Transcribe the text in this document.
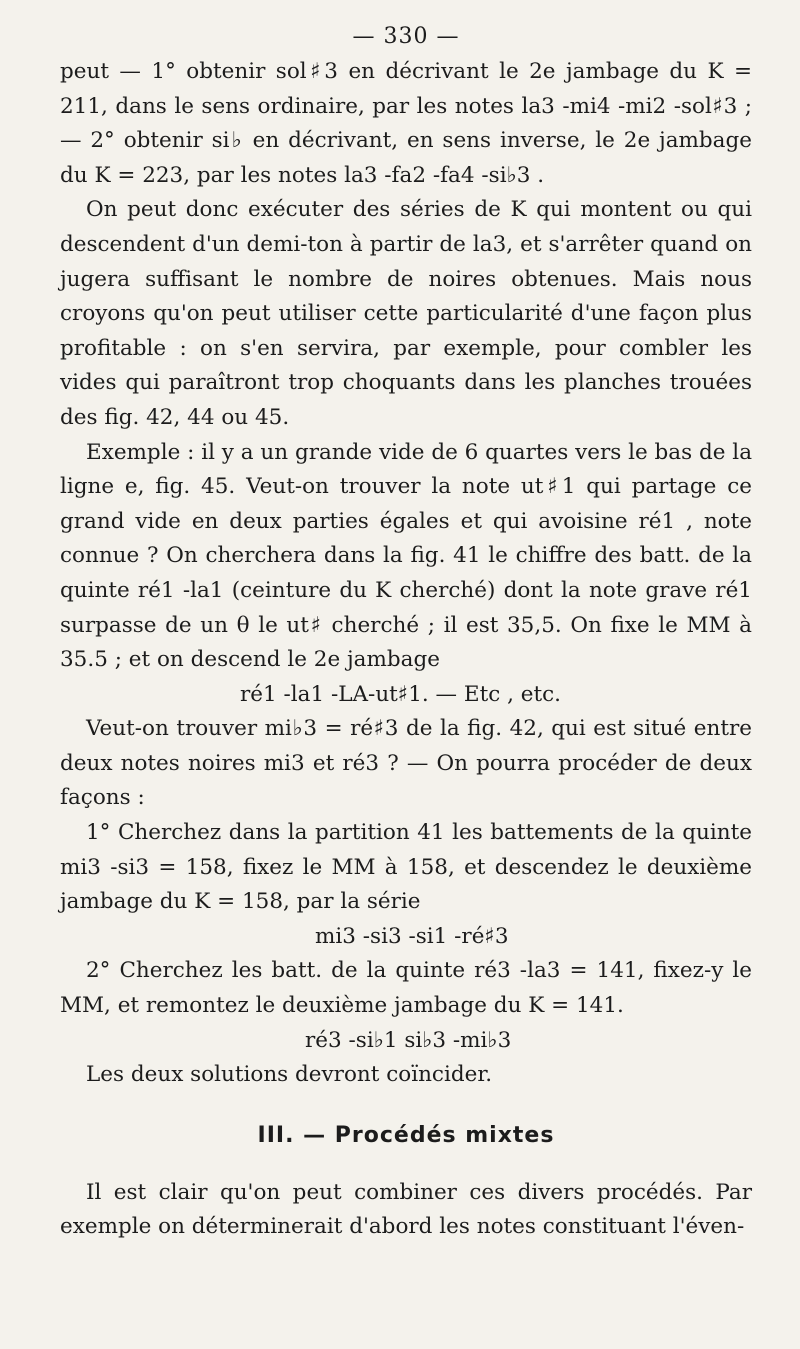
— 330 —

peut — 1° obtenir sol♯3 en décrivant le 2e jambage du K = 211, dans le sens ordinaire, par les notes la3 -mi4 -mi2 -sol♯3 ; — 2° obtenir si♭ en décrivant, en sens inverse, le 2e jambage du K = 223, par les notes la3 -fa2 -fa4 -si♭3 .

On peut donc exécuter des séries de K qui montent ou qui descendent d'un demi-ton à partir de la3, et s'arrêter quand on jugera suffisant le nombre de noires obtenues. Mais nous croyons qu'on peut utiliser cette particularité d'une façon plus profitable : on s'en servira, par exemple, pour combler les vides qui paraîtront trop choquants dans les planches trouées des fig. 42, 44 ou 45.

Exemple : il y a un grande vide de 6 quartes vers le bas de la ligne e, fig. 45. Veut-on trouver la note ut♯1 qui partage ce grand vide en deux parties égales et qui avoisine ré1 , note connue ? On cherchera dans la fig. 41 le chiffre des batt. de la quinte ré1 -la1 (ceinture du K cherché) dont la note grave ré1 surpasse de un θ le ut♯ cherché ; il est 35,5. On fixe le MM à 35.5 ; et on descend le 2e jambage

ré1 -la1 -LA-ut♯1. — Etc , etc.

Veut-on trouver mi♭3 = ré♯3 de la fig. 42, qui est situé entre deux notes noires mi3 et ré3 ? — On pourra procéder de deux façons :

1° Cherchez dans la partition 41 les battements de la quinte mi3 -si3 = 158, fixez le MM à 158, et descendez le deuxième jambage du K = 158, par la série

mi3 -si3 -si1 -ré♯3

2° Cherchez les batt. de la quinte ré3 -la3 = 141, fixez-y le MM, et remontez le deuxième jambage du K = 141.

ré3 -si♭1 si♭3 -mi♭3

Les deux solutions devront coïncider.

III. — Procédés mixtes

Il est clair qu'on peut combiner ces divers procédés. Par exemple on déterminerait d'abord les notes constituant l'éven-
